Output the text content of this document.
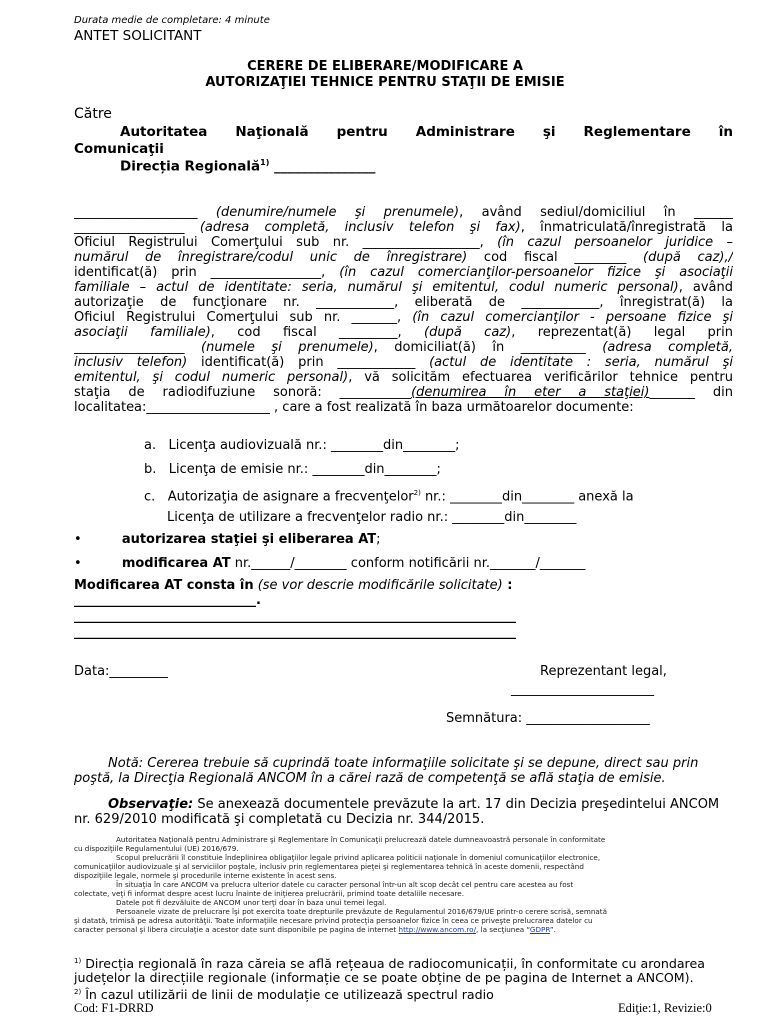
Durata medie de completare: 4 minute
ANTET SOLICITANT
CERERE DE ELIBERARE/MODIFICARE A
AUTORIZAŢIEI TEHNICE PENTRU STAŢII DE EMISIE
Către
Autoritatea Naţională pentru Administrare şi Reglementare în
Comunicaţii
Direcția Regională$^{1)}$ _______________
___________________ (denumire/numele şi prenumele), având sediul/domiciliul în ______
_________________ (adresa completă, inclusiv telefon şi fax), înmatriculată/înregistrată la
Oficiul Registrului Comerţului sub nr. __________________, (în cazul persoanelor juridice –
numărul de înregistrare/codul unic de înregistrare) cod fiscal ________ (după caz),/
identificat(ă) prin _________________, (în cazul comercianţilor-persoanelor fizice şi asociaţii
familiale – actul de identitate: seria, numărul şi emitentul, codul numeric personal), având
autorizaţie de funcţionare nr. ____________, eliberată de ____________, înregistrat(ă) la
Oficiul Registrului Comerţului sub nr. _______, (în cazul comercianţilor - persoane fizice şi
asociaţii familiale), cod fiscal _________, (după caz), reprezentat(ă) legal prin
_________________ (numele şi prenumele), domiciliat(ă) în __________ (adresa completă,
inclusiv telefon) identificat(ă) prin ____________ (actul de identitate : seria, numărul şi
emitentul, şi codul numeric personal), vă solicităm efectuarea verificărilor tehnice pentru
staţia de radiodifuziune sonoră: ___________(denumirea în eter a staţiei)_______ din
localitatea:___________________ , care a fost realizată în baza următoarelor documente:
a. Licenţa audiovizuală nr.: ________din________;
b. Licenţa de emisie nr.: ________din________;
c. Autorizaţia de asignare a frecvenţelor$^{2)}$ nr.: ________din________ anexă la
Licenţa de utilizare a frecvenţelor radio nr.: ________din________
•	autorizarea staţiei şi eliberarea AT;
•	modificarea AT nr.______/________ conform notificării nr._______/_______
Modificarea AT consta în (se vor descrie modificările solicitate) :
____________________________.
____________________________________________________________________
____________________________________________________________________
Data:_________	Reprezentant legal,
______________________
Semnătura: ___________________
Notă: Cererea trebuie să cuprindă toate informaţiile solicitate şi se depune, direct sau prin
poştă, la Direcţia Regională ANCOM în a cărei rază de competenţă se află staţia de emisie.
Observaţie: Se anexează documentele prevăzute la art. 17 din Decizia preşedintelui ANCOM
nr. 629/2010 modificată şi completată cu Decizia nr. 344/2015.
Autoritatea Naţională pentru Administrare şi Reglementare în Comunicaţii prelucrează datele dumneavoastră personale în conformitate
cu dispoziţiile Regulamentului (UE) 2016/679.
Scopul prelucrării îl constituie îndeplinirea obligaţiilor legale privind aplicarea politicii naţionale în domeniul comunicaţiilor electronice,
comunicaţiilor audiovizuale şi al serviciilor poştale, inclusiv prin reglementarea pieţei şi reglementarea tehnică în aceste domenii, respectând
dispoziţiile legale, normele şi procedurile interne existente în acest sens.
În situaţia în care ANCOM va prelucra ulterior datele cu caracter personal într-un alt scop decât cel pentru care acestea au fost
colectate, veţi fi informat despre acest lucru înainte de iniţierea prelucrării, primind toate detaliile necesare.
Datele pot fi dezvăluite de ANCOM unor terţi doar în baza unui temei legal.
Persoanele vizate de prelucrare îşi pot exercita toate drepturile prevăzute de Regulamentul 2016/679/UE printr-o cerere scrisă, semnată
şi datată, trimisă pe adresa autorităţii. Toate informaţiile necesare privind protecţia persoanelor fizice în ceea ce priveşte prelucrarea datelor cu
caracter personal şi libera circulaţie a acestor date sunt disponibile pe pagina de internet http://www.ancom.ro/, la secţiunea “GDPR”.
$^{1)}$ Direcția regională în raza căreia se află rețeaua de radiocomunicații, în conformitate cu arondarea
județelor la direcțiile regionale (informație ce se poate obține de pe pagina de Internet a ANCOM).
$^{2)}$ În cazul utilizării de linii de modulație ce utilizează spectrul radio
Cod: F1-DRRD	Ediţie:1, Revizie:0
